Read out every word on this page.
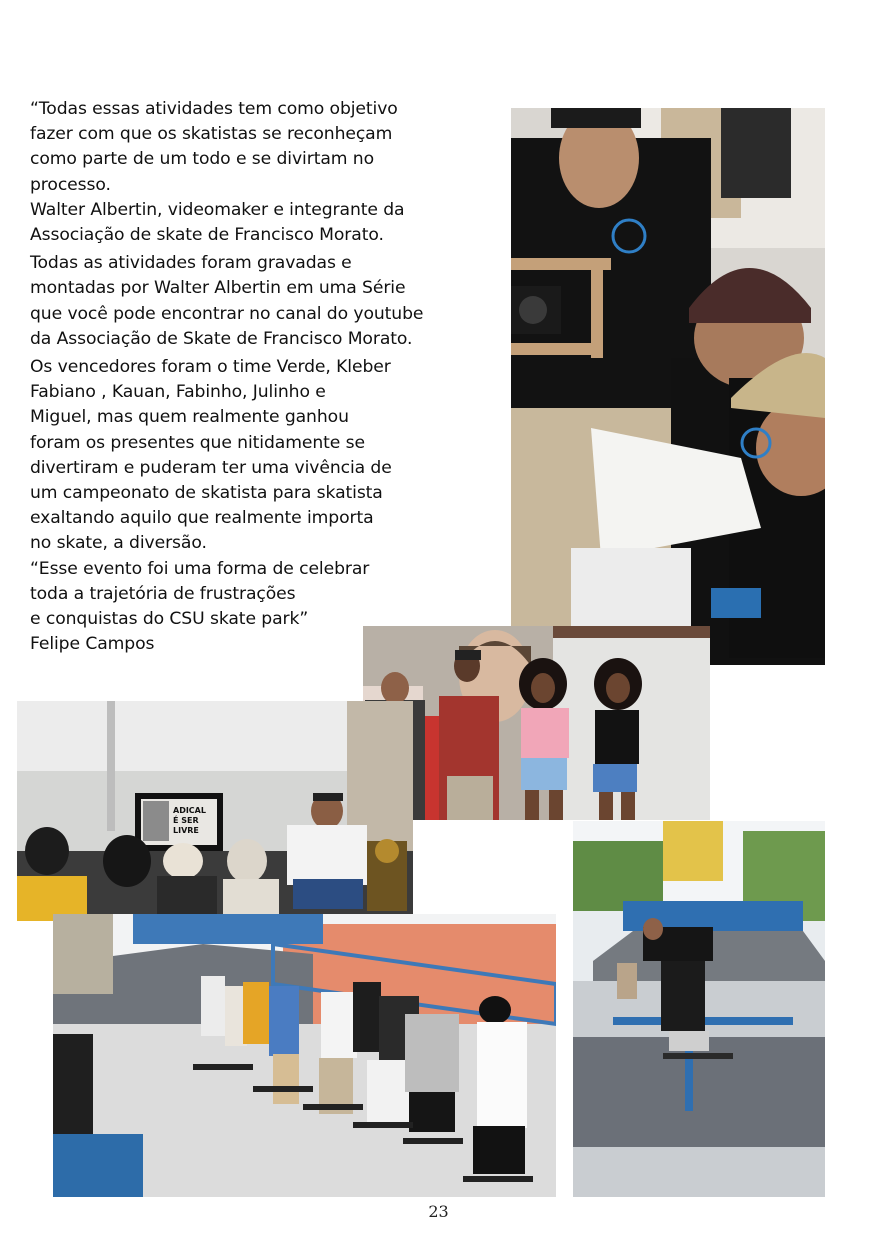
“Todas essas atividades tem como objetivo
fazer com que os skatistas se reconheçam
como parte de um todo e se divirtam no
processo.
Walter Albertin, videomaker e integrante da
Associação de skate de Francisco Morato.

Todas as atividades foram gravadas e
montadas por Walter Albertin em uma Série
que você pode encontrar no canal do youtube
da Associação de Skate de Francisco Morato.

Os vencedores foram o time Verde, Kleber
Fabiano , Kauan, Fabinho, Julinho e
Miguel, mas quem realmente ganhou
foram os presentes que nitidamente se
divertiram e puderam ter uma vivência de
um campeonato de skatista para skatista
exaltando aquilo que realmente importa
no skate, a diversão.
“Esse evento foi uma forma de celebrar
toda a trajetória de frustrações
e conquistas do CSU skate park”
Felipe Campos

ADICAL É SER LIVRE
23
